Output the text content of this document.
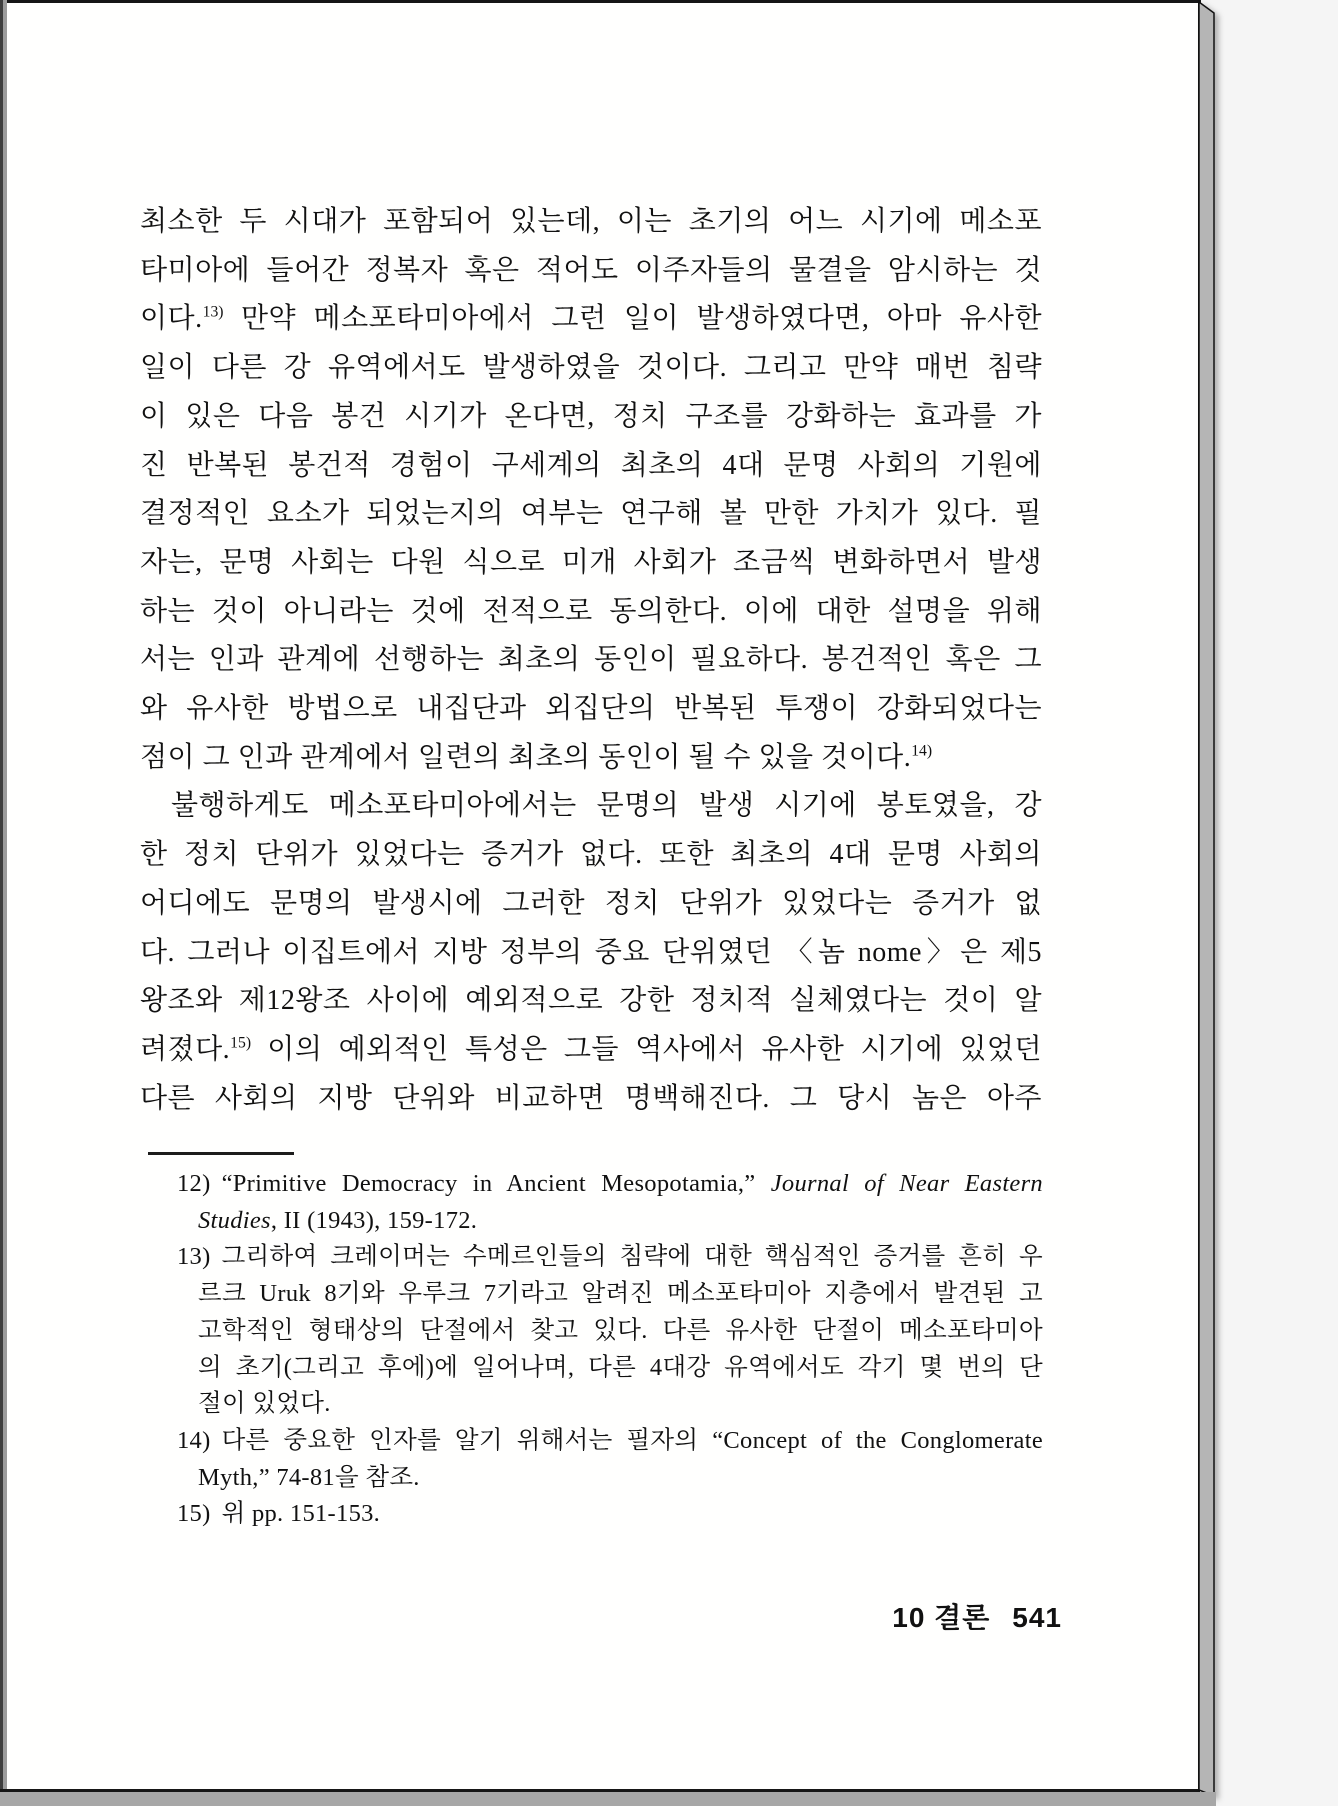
최소한 두 시대가 포함되어 있는데, 이는 초기의 어느 시기에 메소포
타미아에 들어간 정복자 혹은 적어도 이주자들의 물결을 암시하는 것
이다.$^{13)}$ 만약 메소포타미아에서 그런 일이 발생하였다면, 아마 유사한
일이 다른 강 유역에서도 발생하였을 것이다. 그리고 만약 매번 침략
이 있은 다음 봉건 시기가 온다면, 정치 구조를 강화하는 효과를 가
진 반복된 봉건적 경험이 구세계의 최초의 4대 문명 사회의 기원에
결정적인 요소가 되었는지의 여부는 연구해 볼 만한 가치가 있다. 필
자는, 문명 사회는 다원 식으로 미개 사회가 조금씩 변화하면서 발생
하는 것이 아니라는 것에 전적으로 동의한다. 이에 대한 설명을 위해
서는 인과 관계에 선행하는 최초의 동인이 필요하다. 봉건적인 혹은 그
와 유사한 방법으로 내집단과 외집단의 반복된 투쟁이 강화되었다는
점이 그 인과 관계에서 일련의 최초의 동인이 될 수 있을 것이다.$^{14)}$
불행하게도 메소포타미아에서는 문명의 발생 시기에 봉토였을, 강
한 정치 단위가 있었다는 증거가 없다. 또한 최초의 4대 문명 사회의
어디에도 문명의 발생시에 그러한 정치 단위가 있었다는 증거가 없
다. 그러나 이집트에서 지방 정부의 중요 단위였던 〈놈 nome〉은 제5
왕조와 제12왕조 사이에 예외적으로 강한 정치적 실체였다는 것이 알
려졌다.$^{15)}$ 이의 예외적인 특성은 그들 역사에서 유사한 시기에 있었던
다른 사회의 지방 단위와 비교하면 명백해진다. 그 당시 놈은 아주
12) “Primitive Democracy in Ancient Mesopotamia,” Journal of Near Eastern
Studies, II (1943), 159-172.
13) 그리하여 크레이머는 수메르인들의 침략에 대한 핵심적인 증거를 흔히 우
르크 Uruk 8기와 우루크 7기라고 알려진 메소포타미아 지층에서 발견된 고
고학적인 형태상의 단절에서 찾고 있다. 다른 유사한 단절이 메소포타미아
의 초기(그리고 후에)에 일어나며, 다른 4대강 유역에서도 각기 몇 번의 단
절이 있었다.
14) 다른 중요한 인자를 알기 위해서는 필자의 “Concept of the Conglomerate
Myth,” 74-81을 참조.
15) 위 pp. 151-153.
10 결론 541
